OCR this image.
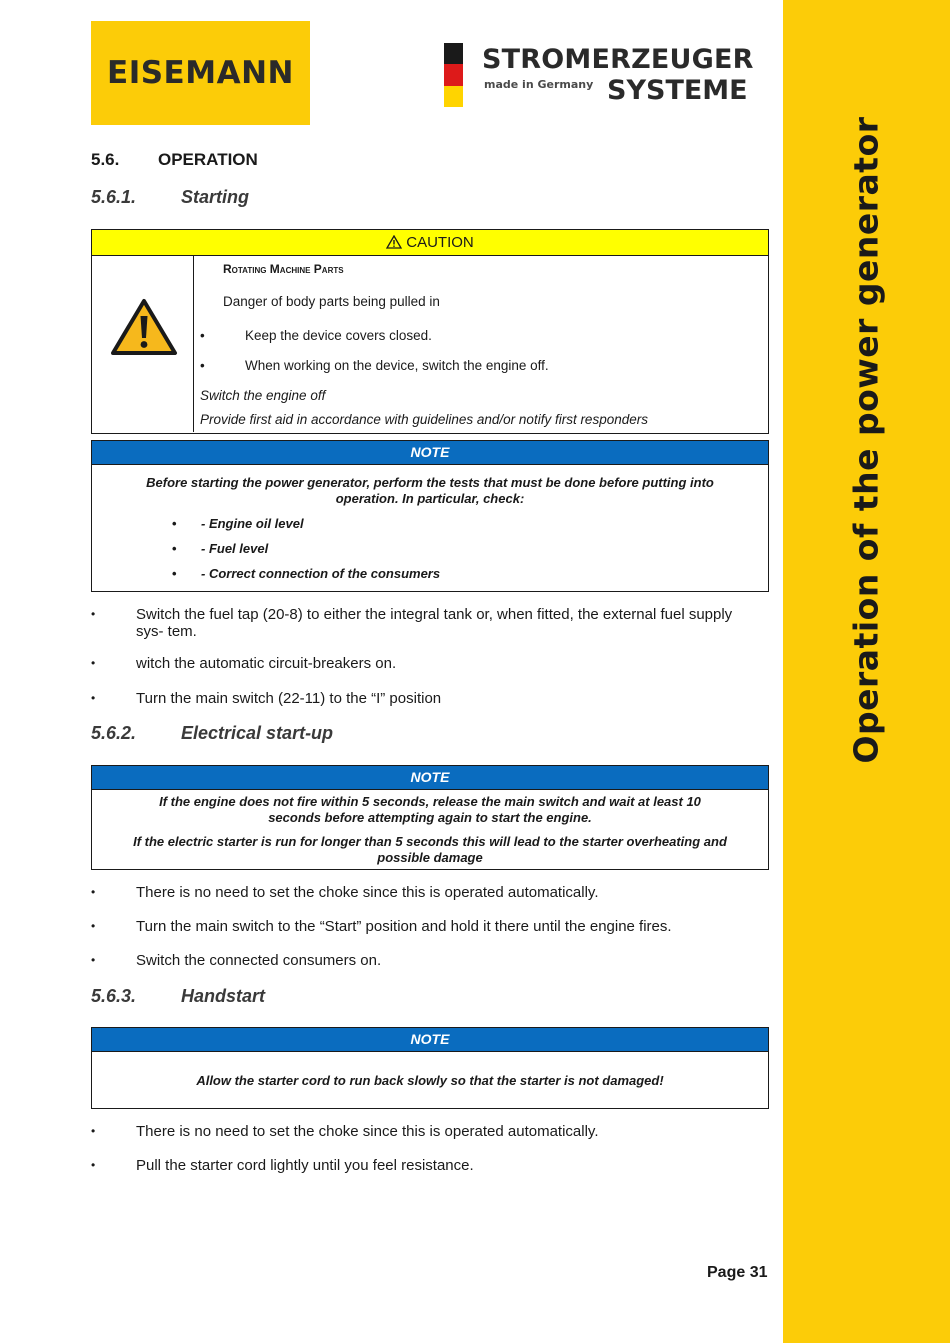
Operation of the power generator
EISEMANN	STROMERZEUGER
made in Germany SYSTEME
5.6. OPERATION
5.6.1. Starting
CAUTION
Rotating Machine Parts
Danger of body parts being pulled in
•	Keep the device covers closed.
•	When working on the device, switch the engine off.
Switch the engine off
Provide first aid in accordance with guidelines and/or notify first responders
NOTE
Before starting the power generator, perform the tests that must be done before putting into operation. In particular, check:
• - Engine oil level
• - Fuel level
• - Correct connection of the consumers
•	Switch the fuel tap (20-8) to either the integral tank or, when fitted, the external fuel supply sys- tem.
•	witch the automatic circuit-breakers on.
•	Turn the main switch (22-11) to the “I” position
5.6.2. Electrical start-up
NOTE
If the engine does not fire within 5 seconds, release the main switch and wait at least 10 seconds before attempting again to start the engine.
If the electric starter is run for longer than 5 seconds this will lead to the starter overheating and possible damage
•	There is no need to set the choke since this is operated automatically.
•	Turn the main switch to the “Start” position and hold it there until the engine fires.
•	Switch the connected consumers on.
5.6.3. Handstart
NOTE
Allow the starter cord to run back slowly so that the starter is not damaged!
•	There is no need to set the choke since this is operated automatically.
•	Pull the starter cord lightly until you feel resistance.
Page 31
